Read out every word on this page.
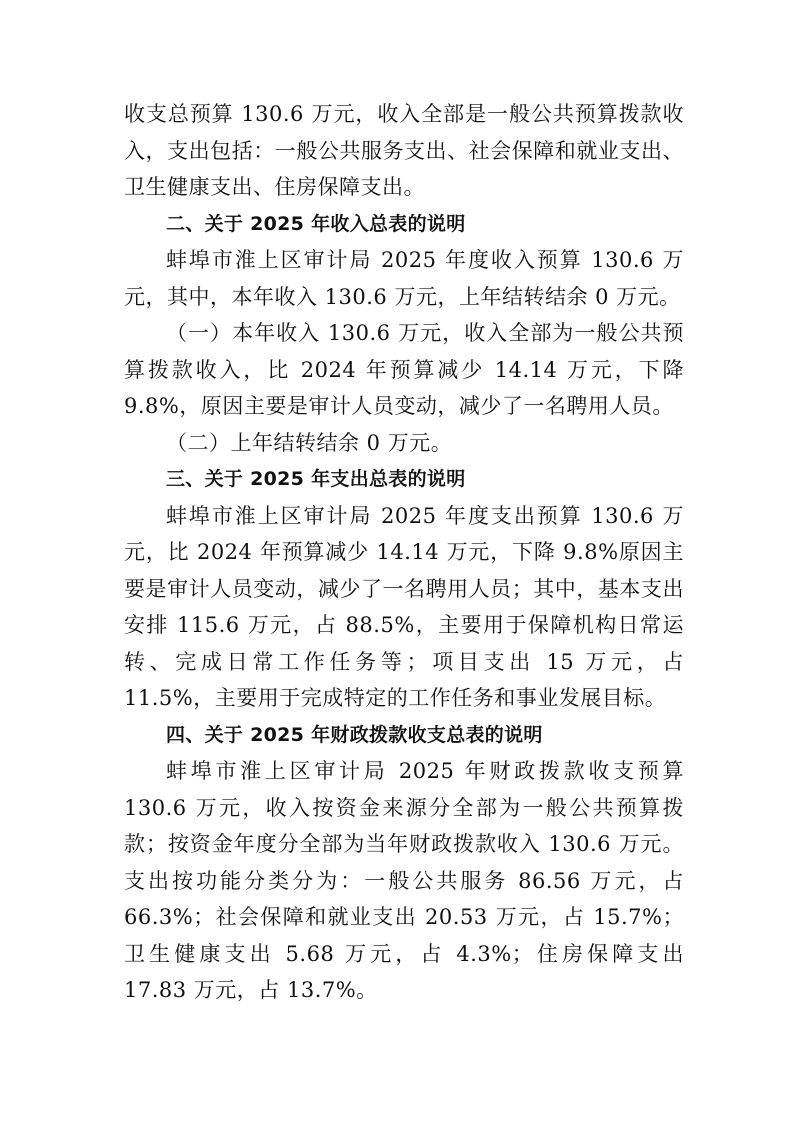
收支总预算 130.6 万元，收入全部是一般公共预算拨款收入，支出包括：一般公共服务支出、社会保障和就业支出、卫生健康支出、住房保障支出。

二、关于 2025 年收入总表的说明

蚌埠市淮上区审计局 2025 年度收入预算 130.6 万元，其中，本年收入 130.6 万元，上年结转结余 0 万元。

（一）本年收入 130.6 万元，收入全部为一般公共预算拨款收入，比 2024 年预算减少 14.14 万元，下降 9.8%，原因主要是审计人员变动，减少了一名聘用人员。

（二）上年结转结余 0 万元。

三、关于 2025 年支出总表的说明

蚌埠市淮上区审计局 2025 年度支出预算 130.6 万元，比 2024 年预算减少 14.14 万元，下降 9.8%原因主要是审计人员变动，减少了一名聘用人员；其中，基本支出安排 115.6 万元，占 88.5%，主要用于保障机构日常运转、完成日常工作任务等；项目支出 15 万元，占 11.5%，主要用于完成特定的工作任务和事业发展目标。

四、关于 2025 年财政拨款收支总表的说明

蚌埠市淮上区审计局 2025 年财政拨款收支预算 130.6 万元，收入按资金来源分全部为一般公共预算拨款；按资金年度分全部为当年财政拨款收入 130.6 万元。支出按功能分类分为：一般公共服务 86.56 万元，占 66.3%；社会保障和就业支出 20.53 万元，占 15.7%；卫生健康支出 5.68 万元，占 4.3%；住房保障支出 17.83 万元，占 13.7%。
